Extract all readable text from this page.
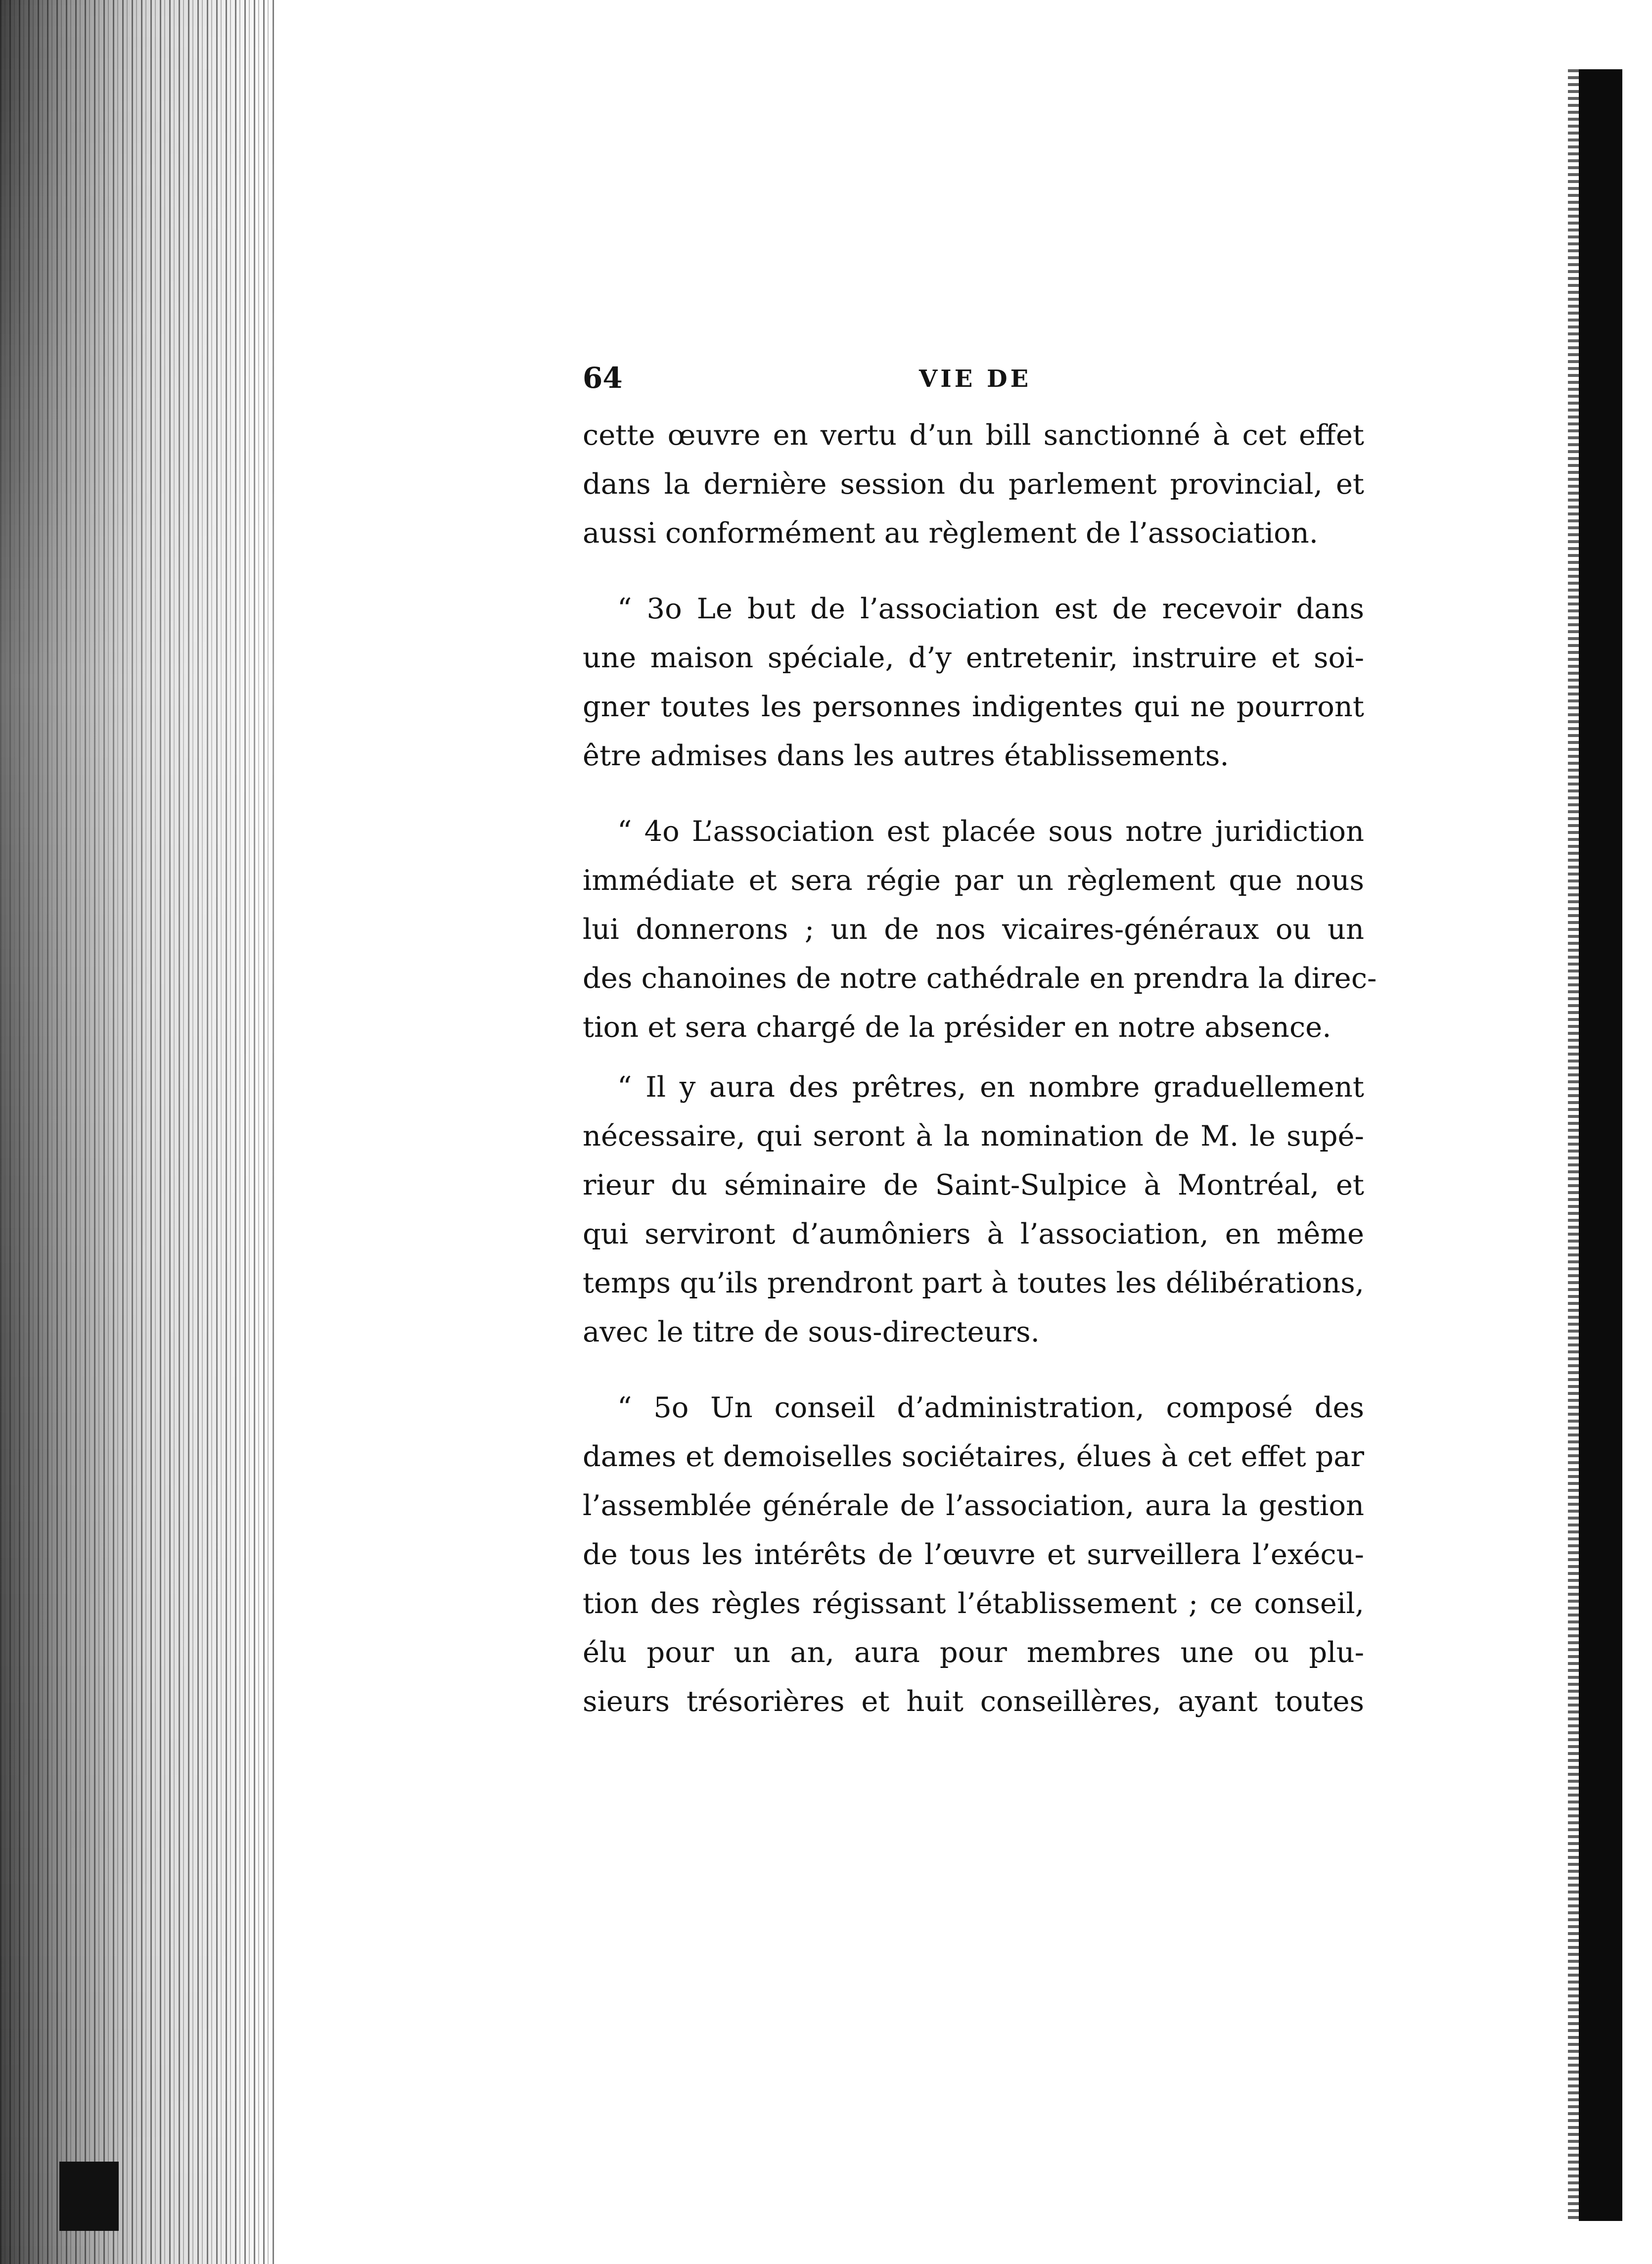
64	VIE DE

cette œuvre en vertu d’un bill sanctionné à cet effet
dans la dernière session du parlement provincial, et
aussi conformément au règlement de l’association.

“ 3o Le but de l’association est de recevoir dans
une maison spéciale, d’y entretenir, instruire et soi-
gner toutes les personnes indigentes qui ne pourront
être admises dans les autres établissements.

“ 4o L’association est placée sous notre juridiction
immédiate et sera régie par un règlement que nous
lui donnerons ; un de nos vicaires-généraux ou un
des chanoines de notre cathédrale en prendra la direc-
tion et sera chargé de la présider en notre absence.

“ Il y aura des prêtres, en nombre graduellement
nécessaire, qui seront à la nomination de M. le supé-
rieur du séminaire de Saint-Sulpice à Montréal, et
qui serviront d’aumôniers à l’association, en même
temps qu’ils prendront part à toutes les délibérations,
avec le titre de sous-directeurs.

“ 5o Un conseil d’administration, composé des
dames et demoiselles sociétaires, élues à cet effet par
l’assemblée générale de l’association, aura la gestion
de tous les intérêts de l’œuvre et surveillera l’exécu-
tion des règles régissant l’établissement ; ce conseil,
élu pour un an, aura pour membres une ou plu-
sieurs trésorières et huit conseillères, ayant toutes
